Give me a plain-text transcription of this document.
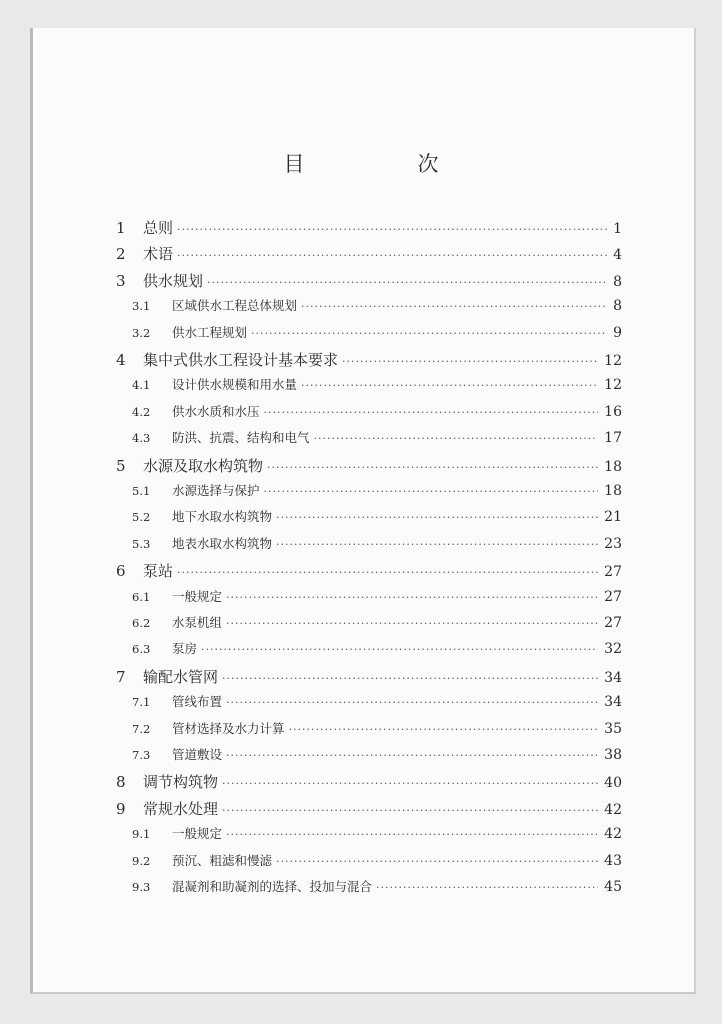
目　次
1	总则 ·····	1
2	术语 ·····	4
3	供水规划 ·····	8
3.1	区域供水工程总体规划 ·····	8
3.2	供水工程规划 ·····	9
4	集中式供水工程设计基本要求 ·····	12
4.1	设计供水规模和用水量 ·····	12
4.2	供水水质和水压 ·····	16
4.3	防洪、抗震、结构和电气 ·····	17
5	水源及取水构筑物 ·····	18
5.1	水源选择与保护 ·····	18
5.2	地下水取水构筑物 ·····	21
5.3	地表水取水构筑物 ·····	23
6	泵站 ·····	27
6.1	一般规定 ·····	27
6.2	水泵机组 ·····	27
6.3	泵房 ·····	32
7	输配水管网 ·····	34
7.1	管线布置 ·····	34
7.2	管材选择及水力计算 ·····	35
7.3	管道敷设 ·····	38
8	调节构筑物 ·····	40
9	常规水处理 ·····	42
9.1	一般规定 ·····	42
9.2	预沉、粗滤和慢滤 ·····	43
9.3	混凝剂和助凝剂的选择、投加与混合 ·····	45
